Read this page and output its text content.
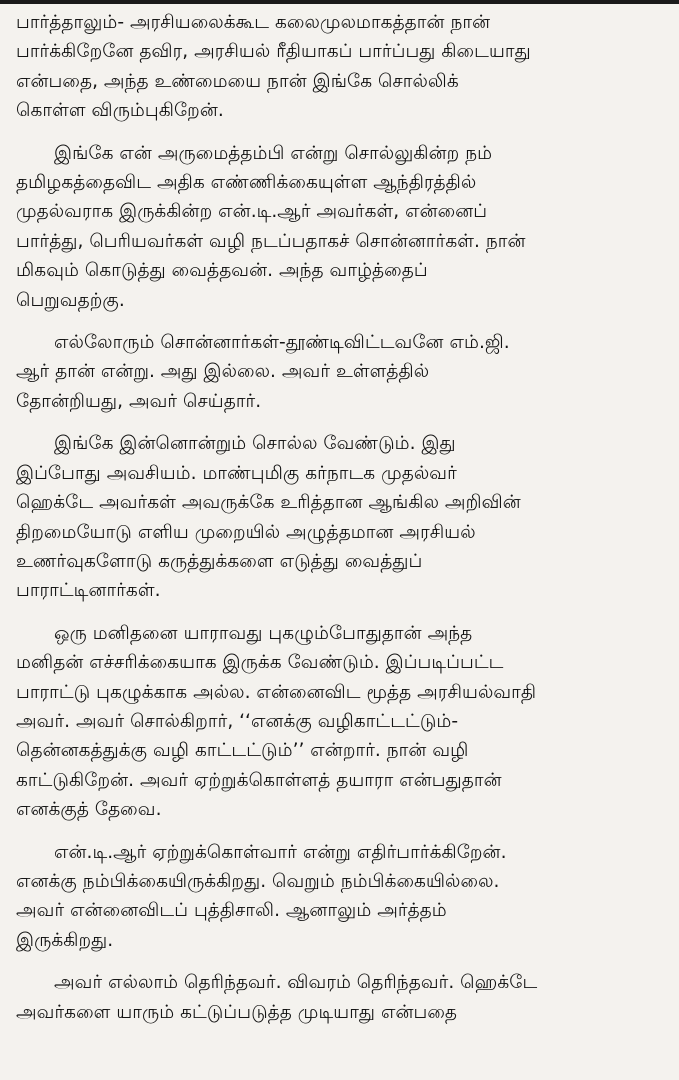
பார்த்தாலும்- அரசியலைக்கூட கலைமுலமாகத்தான் நான்
பார்க்கிறேனே தவிர, அரசியல் ரீதியாகப் பார்ப்பது கிடையாது
என்பதை, அந்த உண்மையை நான் இங்கே சொல்லிக்
கொள்ள விரும்புகிறேன்.

இங்கே என் அருமைத்தம்பி என்று சொல்லுகின்ற நம்
தமிழகத்தைவிட அதிக எண்ணிக்கையுள்ள ஆந்திரத்தில்
முதல்வராக இருக்கின்ற என்.டி.ஆர் அவர்கள், என்னைப்
பார்த்து, பெரியவர்கள் வழி நடப்பதாகச் சொன்னார்கள். நான்
மிகவும் கொடுத்து வைத்தவன். அந்த வாழ்த்தைப்
பெறுவதற்கு.

எல்லோரும் சொன்னார்கள்-தூண்டிவிட்டவனே எம்.ஜி.
ஆர் தான் என்று. அது இல்லை. அவர் உள்ளத்தில்
தோன்றியது, அவர் செய்தார்.

இங்கே இன்னொன்றும் சொல்ல வேண்டும். இது
இப்போது அவசியம். மாண்புமிகு கர்நாடக முதல்வர்
ஹெக்டே அவர்கள் அவருக்கே உரித்தான ஆங்கில அறிவின்
திறமையோடு எளிய முறையில் அழுத்தமான அரசியல்
உணர்வுகளோடு கருத்துக்களை எடுத்து வைத்துப்
பாராட்டினார்கள்.

ஒரு மனிதனை யாராவது புகழும்போதுதான் அந்த
மனிதன் எச்சரிக்கையாக இருக்க வேண்டும். இப்படிப்பட்ட
பாராட்டு புகழுக்காக அல்ல. என்னைவிட மூத்த அரசியல்வாதி
அவர். அவர் சொல்கிறார், ‘‘எனக்கு வழிகாட்டட்டும்-
தென்னகத்துக்கு வழி காட்டட்டும்’’ என்றார். நான் வழி
காட்டுகிறேன். அவர் ஏற்றுக்கொள்ளத் தயாரா என்பதுதான்
எனக்குத் தேவை.

என்.டி.ஆர் ஏற்றுக்கொள்வார் என்று எதிர்பார்க்கிறேன்.
எனக்கு நம்பிக்கையிருக்கிறது. வெறும் நம்பிக்கையில்லை.
அவர் என்னைவிடப் புத்திசாலி. ஆனாலும் அர்த்தம்
இருக்கிறது.

அவர் எல்லாம் தெரிந்தவர். விவரம் தெரிந்தவர். ஹெக்டே
அவர்களை யாரும் கட்டுப்படுத்த முடியாது என்பதை
